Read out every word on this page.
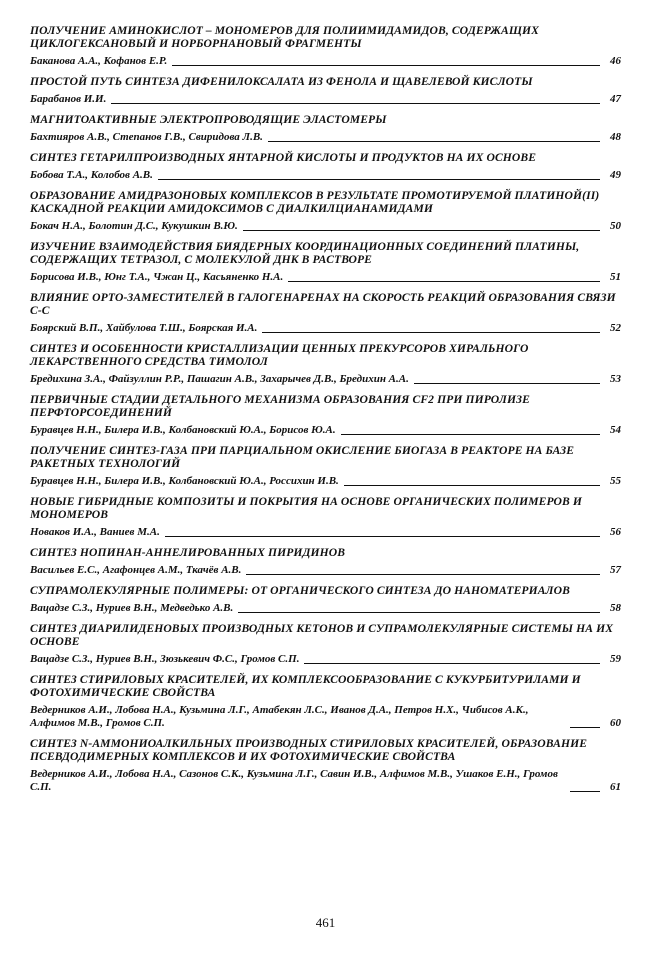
ПОЛУЧЕНИЕ АМИНОКИСЛОТ – МОНОМЕРОВ ДЛЯ ПОЛИИМИДАМИДОВ, СОДЕРЖАЩИХ ЦИКЛОГЕКСАНОВЫЙ И НОРБОРНАНОВЫЙ ФРАГМЕНТЫ
Баканова А.А., Кофанов Е.Р.	46
ПРОСТОЙ ПУТЬ СИНТЕЗА ДИФЕНИЛОКСАЛАТА ИЗ ФЕНОЛА И ЩАВЕЛЕВОЙ КИСЛОТЫ
Барабанов И.И.	47
МАГНИТОАКТИВНЫЕ ЭЛЕКТРОПРОВОДЯЩИЕ ЭЛАСТОМЕРЫ
Бахтияров А.В., Степанов Г.В., Свиридова Л.В.	48
СИНТЕЗ ГЕТАРИЛПРОИЗВОДНЫХ ЯНТАРНОЙ КИСЛОТЫ И ПРОДУКТОВ НА ИХ ОСНОВЕ
Бобова Т.А., Колобов А.В.	49
ОБРАЗОВАНИЕ АМИДРАЗОНОВЫХ КОМПЛЕКСОВ В РЕЗУЛЬТАТЕ ПРОМОТИРУЕМОЙ ПЛАТИНОЙ(II) КАСКАДНОЙ РЕАКЦИИ АМИДОКСИМОВ С ДИАЛКИЛЦИАНАМИДАМИ
Бокач Н.А., Болотин Д.С., Кукушкин В.Ю.	50
ИЗУЧЕНИЕ ВЗАИМОДЕЙСТВИЯ БИЯДЕРНЫХ КООРДИНАЦИОННЫХ СОЕДИНЕНИЙ ПЛАТИНЫ, СОДЕРЖАЩИХ ТЕТРАЗОЛ, С МОЛЕКУЛОЙ ДНК В РАСТВОРЕ
Борисова И.В., Юнг Т.А., Чжан Ц., Касьяненко Н.А.	51
ВЛИЯНИЕ ОРТО-ЗАМЕСТИТЕЛЕЙ В ГАЛОГЕНАРЕНАХ НА СКОРОСТЬ РЕАКЦИЙ ОБРАЗОВАНИЯ СВЯЗИ С-С
Боярский В.П., Хайбулова Т.Ш., Боярская И.А.	52
СИНТЕЗ И ОСОБЕННОСТИ КРИСТАЛЛИЗАЦИИ ЦЕННЫХ ПРЕКУРСОРОВ ХИРАЛЬНОГО ЛЕКАРСТВЕННОГО СРЕДСТВА ТИМОЛОЛ
Бредихина З.А., Файзуллин Р.Р., Пашагин А.В., Захарычев Д.В., Бредихин А.А.	53
ПЕРВИЧНЫЕ СТАДИИ ДЕТАЛЬНОГО МЕХАНИЗМА ОБРАЗОВАНИЯ CF2 ПРИ ПИРОЛИЗЕ ПЕРФТОРСОЕДИНЕНИЙ
Буравцев Н.Н., Билера И.В., Колбановский Ю.А., Борисов Ю.А.	54
ПОЛУЧЕНИЕ СИНТЕЗ-ГАЗА ПРИ ПАРЦИАЛЬНОМ ОКИСЛЕНИЕ БИОГАЗА В РЕАКТОРЕ НА БАЗЕ РАКЕТНЫХ ТЕХНОЛОГИЙ
Буравцев Н.Н., Билера И.В., Колбановский Ю.А., Россихин И.В.	55
НОВЫЕ ГИБРИДНЫЕ КОМПОЗИТЫ И ПОКРЫТИЯ НА ОСНОВЕ ОРГАНИЧЕСКИХ ПОЛИМЕРОВ И МОНОМЕРОВ
Новаков И.А., Ваниев М.А.	56
СИНТЕЗ НОПИНАН-АННЕЛИРОВАННЫХ ПИРИДИНОВ
Васильев Е.С., Агафонцев А.М., Ткачёв А.В.	57
СУПРАМОЛЕКУЛЯРНЫЕ ПОЛИМЕРЫ: ОТ ОРГАНИЧЕСКОГО СИНТЕЗА ДО НАНОМАТЕРИАЛОВ
Вацадзе С.З., Нуриев В.Н., Медведько А.В.	58
СИНТЕЗ ДИАРИЛИДЕНОВЫХ ПРОИЗВОДНЫХ КЕТОНОВ И СУПРАМОЛЕКУЛЯРНЫЕ СИСТЕМЫ НА ИХ ОСНОВЕ
Вацадзе С.З., Нуриев В.Н., Зюзькевич Ф.С., Громов С.П.	59
СИНТЕЗ СТИРИЛОВЫХ КРАСИТЕЛЕЙ, ИХ КОМПЛЕКСООБРАЗОВАНИЕ С КУКУРБИТУРИЛАМИ И ФОТОХИМИЧЕСКИЕ СВОЙСТВА
Ведерников А.И., Лобова Н.А., Кузьмина Л.Г., Атабекян Л.С., Иванов Д.А., Петров Н.Х., Чибисов А.К., Алфимов М.В., Громов С.П.	60
СИНТЕЗ N-АММОНИОАЛКИЛЬНЫХ ПРОИЗВОДНЫХ СТИРИЛОВЫХ КРАСИТЕЛЕЙ, ОБРАЗОВАНИЕ ПСЕВДОДИМЕРНЫХ КОМПЛЕКСОВ И ИХ ФОТОХИМИЧЕСКИЕ СВОЙСТВА
Ведерников А.И., Лобова Н.А., Сазонов С.К., Кузьмина Л.Г., Савин И.В., Алфимов М.В., Ушаков Е.Н., Громов С.П.	61
461
